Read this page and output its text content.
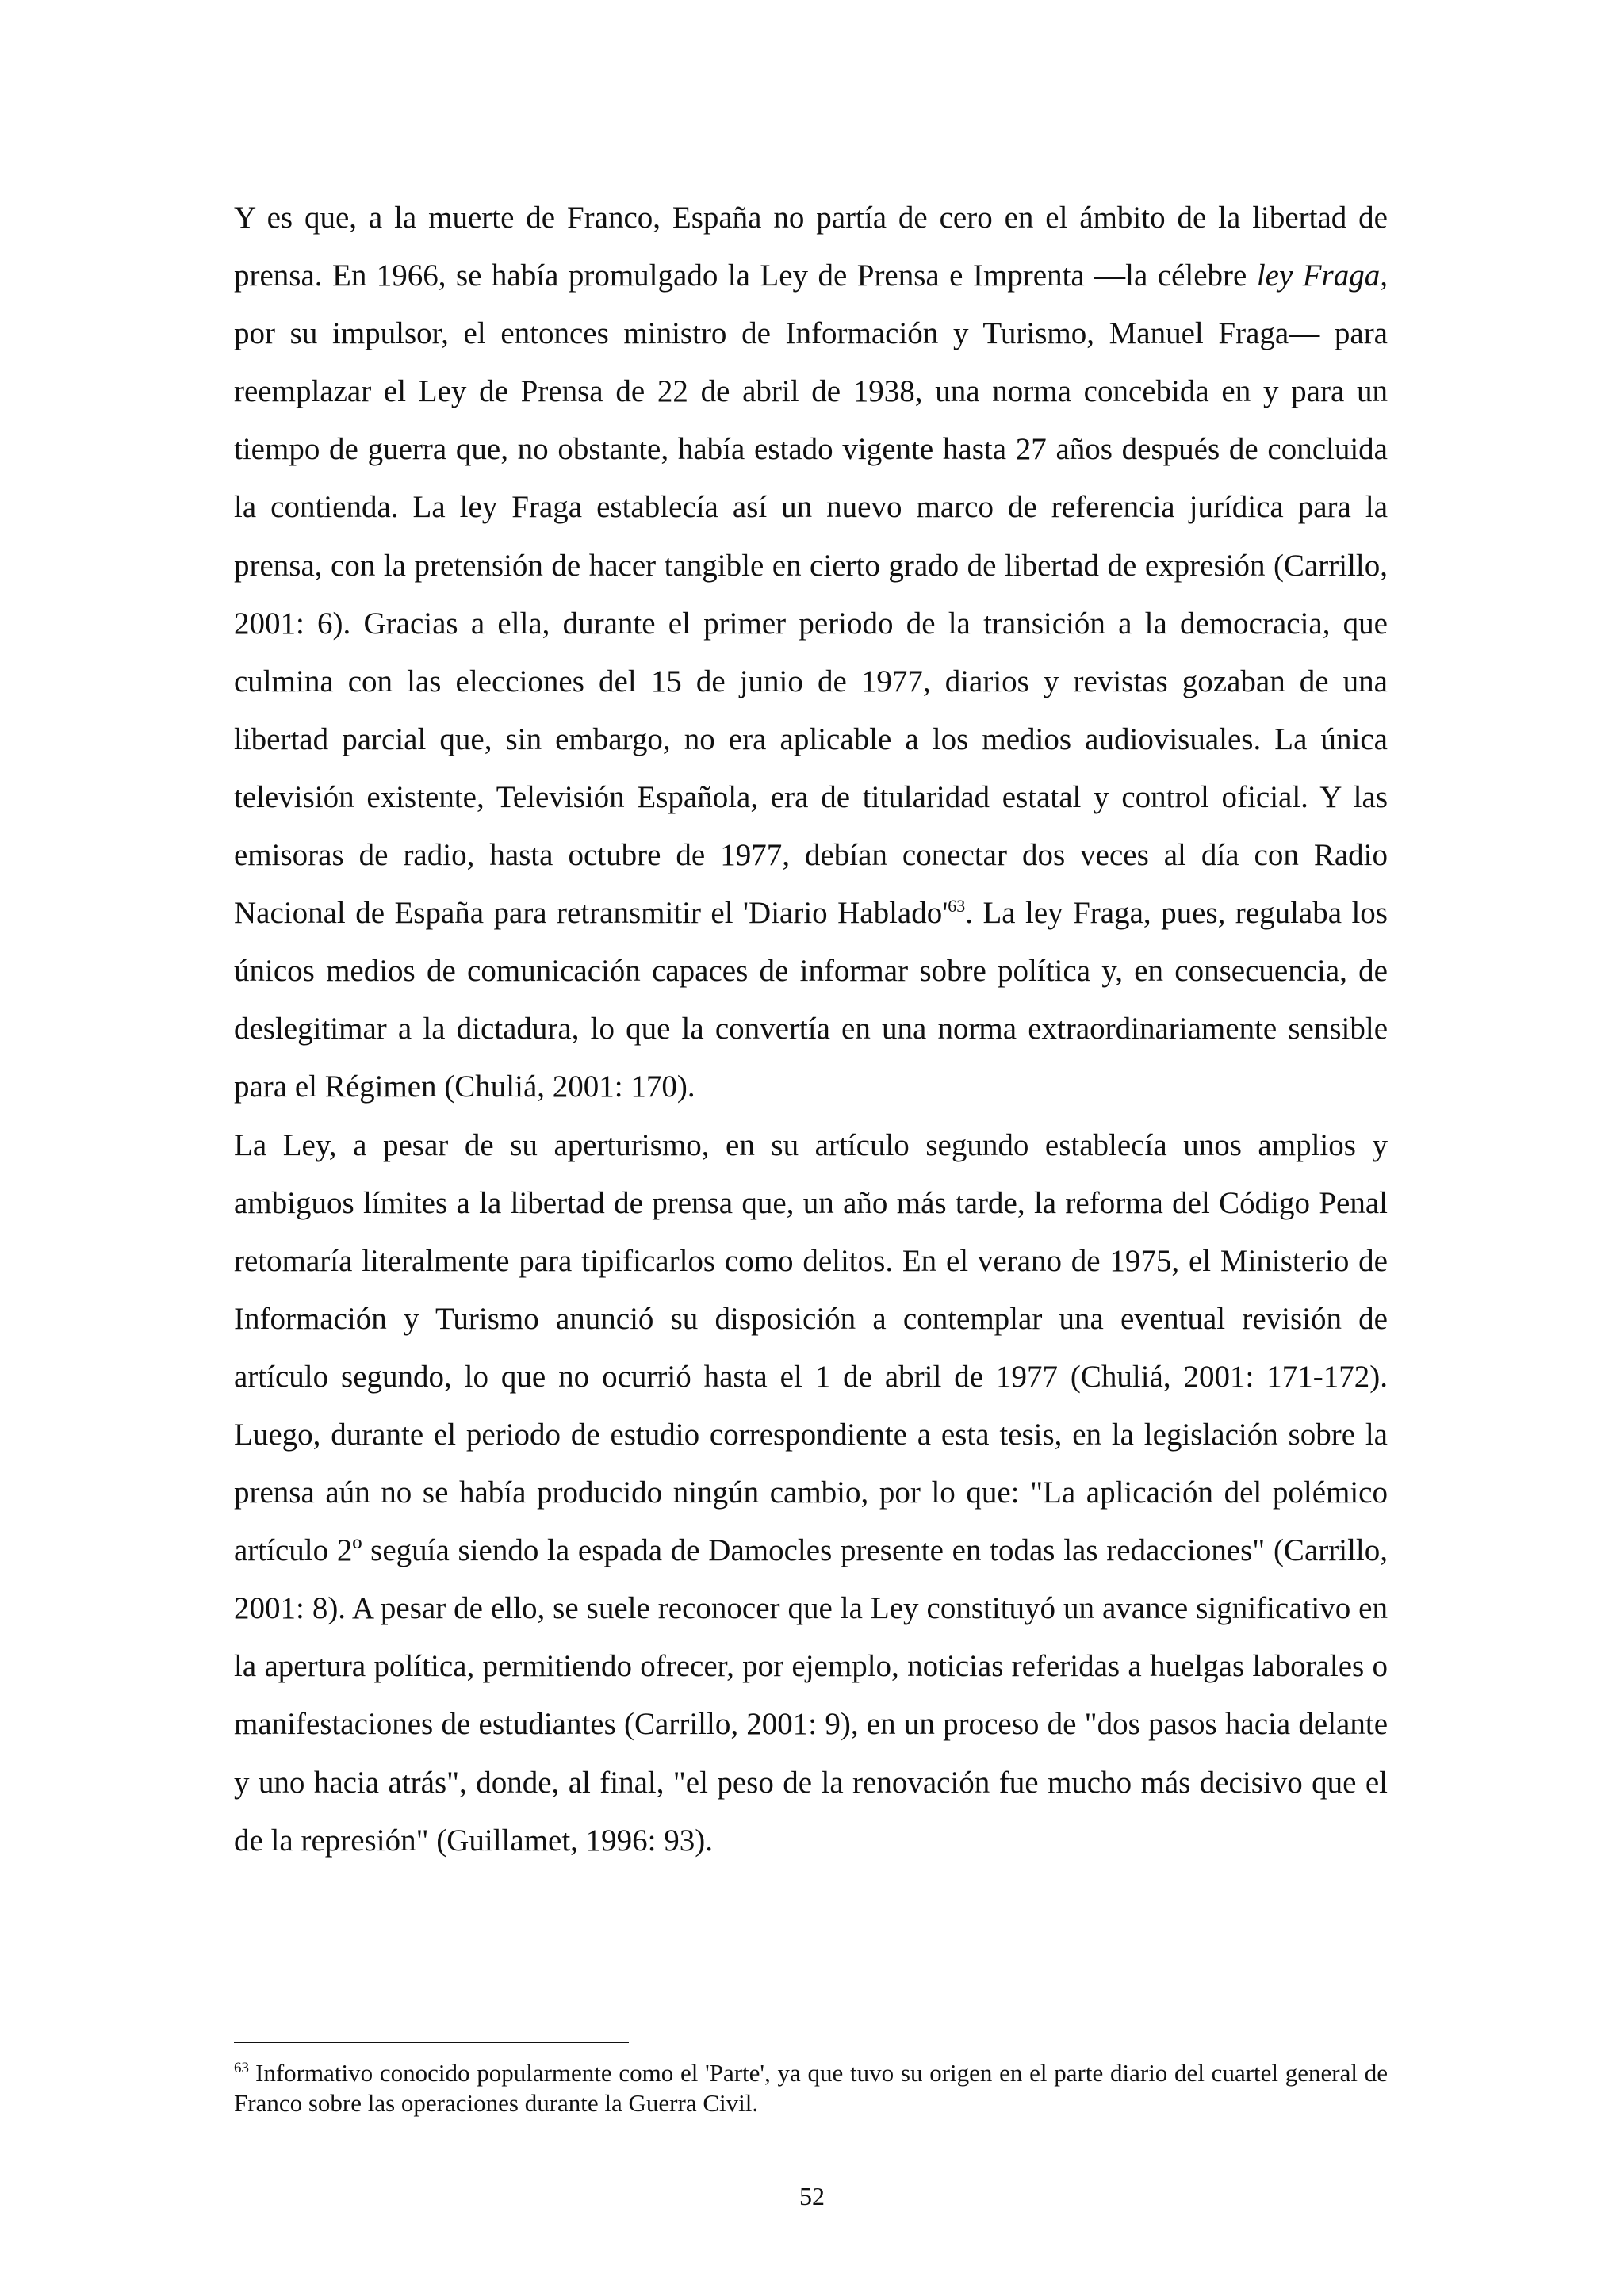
Y es que, a la muerte de Franco, España no partía de cero en el ámbito de la libertad de prensa. En 1966, se había promulgado la Ley de Prensa e Imprenta —la célebre ley Fraga, por su impulsor, el entonces ministro de Información y Turismo, Manuel Fraga— para reemplazar el Ley de Prensa de 22 de abril de 1938, una norma concebida en y para un tiempo de guerra que, no obstante, había estado vigente hasta 27 años después de concluida la contienda. La ley Fraga establecía así un nuevo marco de referencia jurídica para la prensa, con la pretensión de hacer tangible en cierto grado de libertad de expresión (Carrillo, 2001: 6). Gracias a ella, durante el primer periodo de la transición a la democracia, que culmina con las elecciones del 15 de junio de 1977, diarios y revistas gozaban de una libertad parcial que, sin embargo, no era aplicable a los medios audiovisuales. La única televisión existente, Televisión Española, era de titularidad estatal y control oficial. Y las emisoras de radio, hasta octubre de 1977, debían conectar dos veces al día con Radio Nacional de España para retransmitir el 'Diario Hablado'$^{63}$. La ley Fraga, pues, regulaba los únicos medios de comunicación capaces de informar sobre política y, en consecuencia, de deslegitimar a la dictadura, lo que la convertía en una norma extraordinariamente sensible para el Régimen (Chuliá, 2001: 170).

La Ley, a pesar de su aperturismo, en su artículo segundo establecía unos amplios y ambiguos límites a la libertad de prensa que, un año más tarde, la reforma del Código Penal retomaría literalmente para tipificarlos como delitos. En el verano de 1975, el Ministerio de Información y Turismo anunció su disposición a contemplar una eventual revisión de artículo segundo, lo que no ocurrió hasta el 1 de abril de 1977 (Chuliá, 2001: 171-172). Luego, durante el periodo de estudio correspondiente a esta tesis, en la legislación sobre la prensa aún no se había producido ningún cambio, por lo que: "La aplicación del polémico artículo 2º seguía siendo la espada de Damocles presente en todas las redacciones" (Carrillo, 2001: 8). A pesar de ello, se suele reconocer que la Ley constituyó un avance significativo en la apertura política, permitiendo ofrecer, por ejemplo, noticias referidas a huelgas laborales o manifestaciones de estudiantes (Carrillo, 2001: 9), en un proceso de "dos pasos hacia delante y uno hacia atrás", donde, al final, "el peso de la renovación fue mucho más decisivo que el de la represión" (Guillamet, 1996: 93).

$^{63}$ Informativo conocido popularmente como el 'Parte', ya que tuvo su origen en el parte diario del cuartel general de Franco sobre las operaciones durante la Guerra Civil.
52
